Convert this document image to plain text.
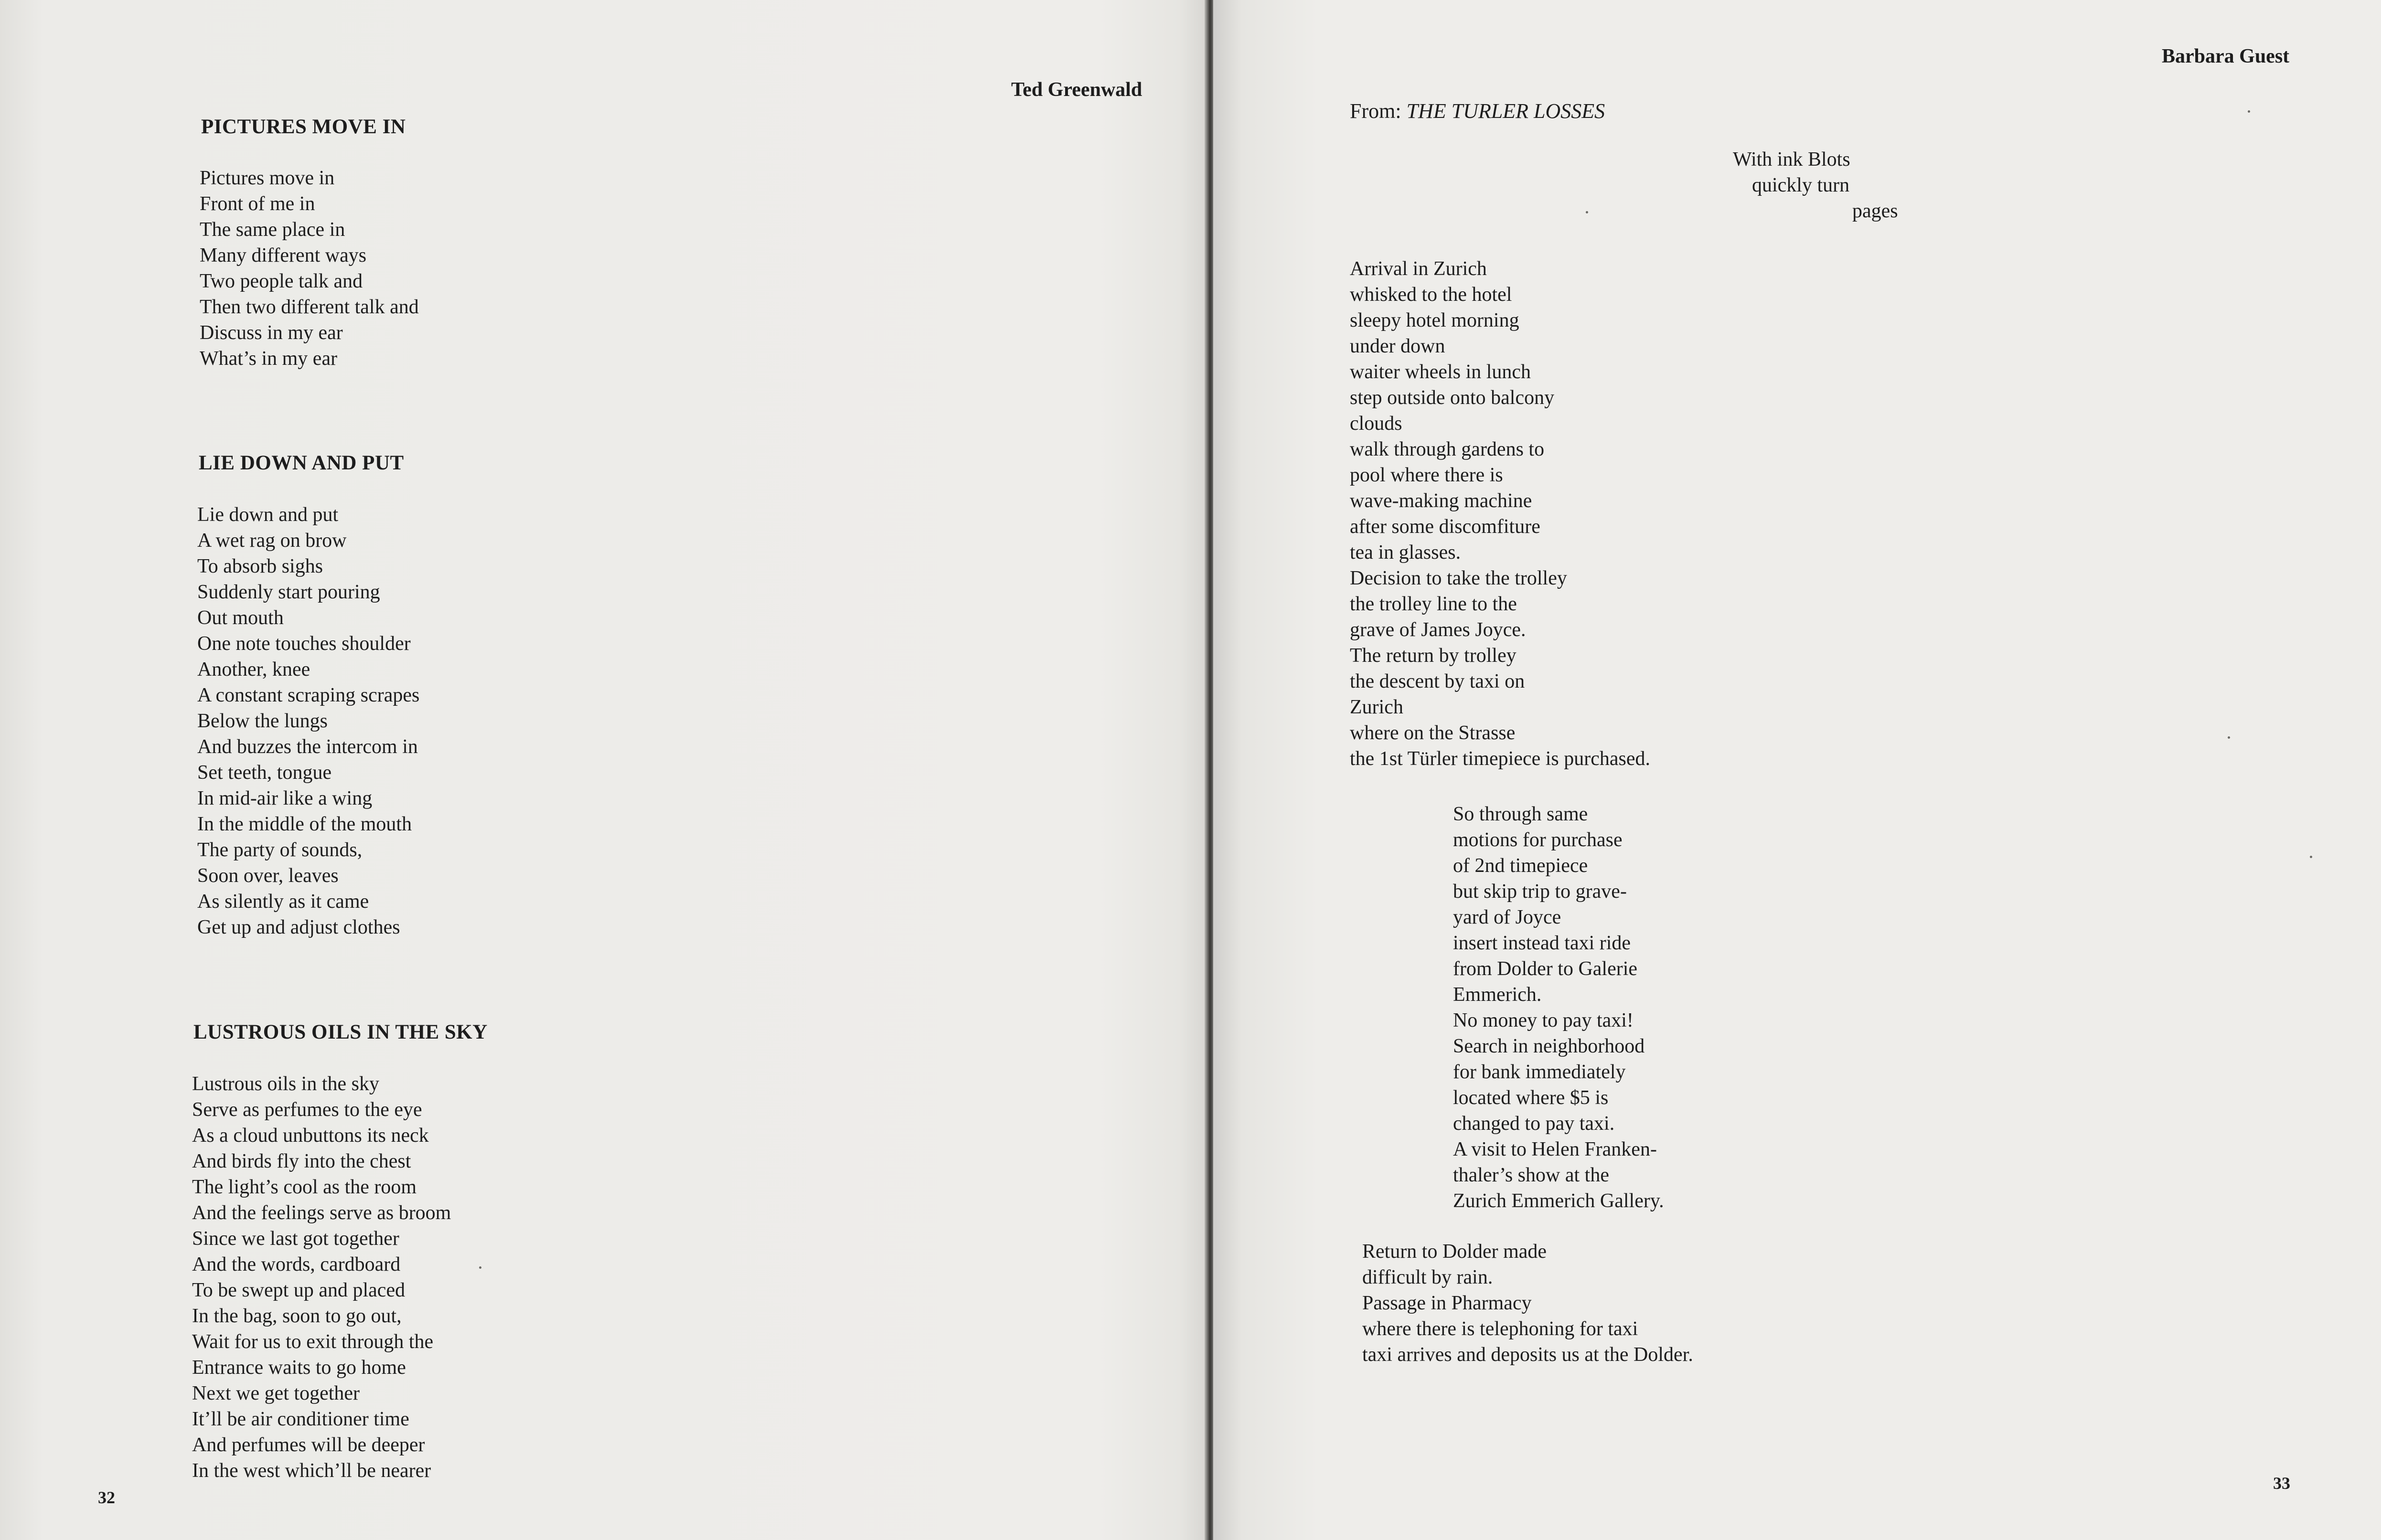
Ted Greenwald
PICTURES MOVE IN
Pictures move in
Front of me in
The same place in
Many different ways
Two people talk and
Then two different talk and
Discuss in my ear
What’s in my ear
LIE DOWN AND PUT
Lie down and put
A wet rag on brow
To absorb sighs
Suddenly start pouring
Out mouth
One note touches shoulder
Another, knee
A constant scraping scrapes
Below the lungs
And buzzes the intercom in
Set teeth, tongue
In mid-air like a wing
In the middle of the mouth
The party of sounds,
Soon over, leaves
As silently as it came
Get up and adjust clothes
LUSTROUS OILS IN THE SKY
Lustrous oils in the sky
Serve as perfumes to the eye
As a cloud unbuttons its neck
And birds fly into the chest
The light’s cool as the room
And the feelings serve as broom
Since we last got together
And the words, cardboard
To be swept up and placed
In the bag, soon to go out,
Wait for us to exit through the
Entrance waits to go home
Next we get together
It’ll be air conditioner time
And perfumes will be deeper
In the west which’ll be nearer
32
Barbara Guest
From: THE TURLER LOSSES
With ink Blots
quickly turn
pages
Arrival in Zurich
whisked to the hotel
sleepy hotel morning
under down
waiter wheels in lunch
step outside onto balcony
clouds
walk through gardens to
pool where there is
wave-making machine
after some discomfiture
tea in glasses.
Decision to take the trolley
the trolley line to the
grave of James Joyce.
The return by trolley
the descent by taxi on
Zurich
where on the Strasse
the 1st Türler timepiece is purchased.
So through same
motions for purchase
of 2nd timepiece
but skip trip to grave-
yard of Joyce
insert instead taxi ride
from Dolder to Galerie
Emmerich.
No money to pay taxi!
Search in neighborhood
for bank immediately
located where $5 is
changed to pay taxi.
A visit to Helen Franken-
thaler’s show at the
Zurich Emmerich Gallery.
Return to Dolder made
difficult by rain.
Passage in Pharmacy
where there is telephoning for taxi
taxi arrives and deposits us at the Dolder.
33
